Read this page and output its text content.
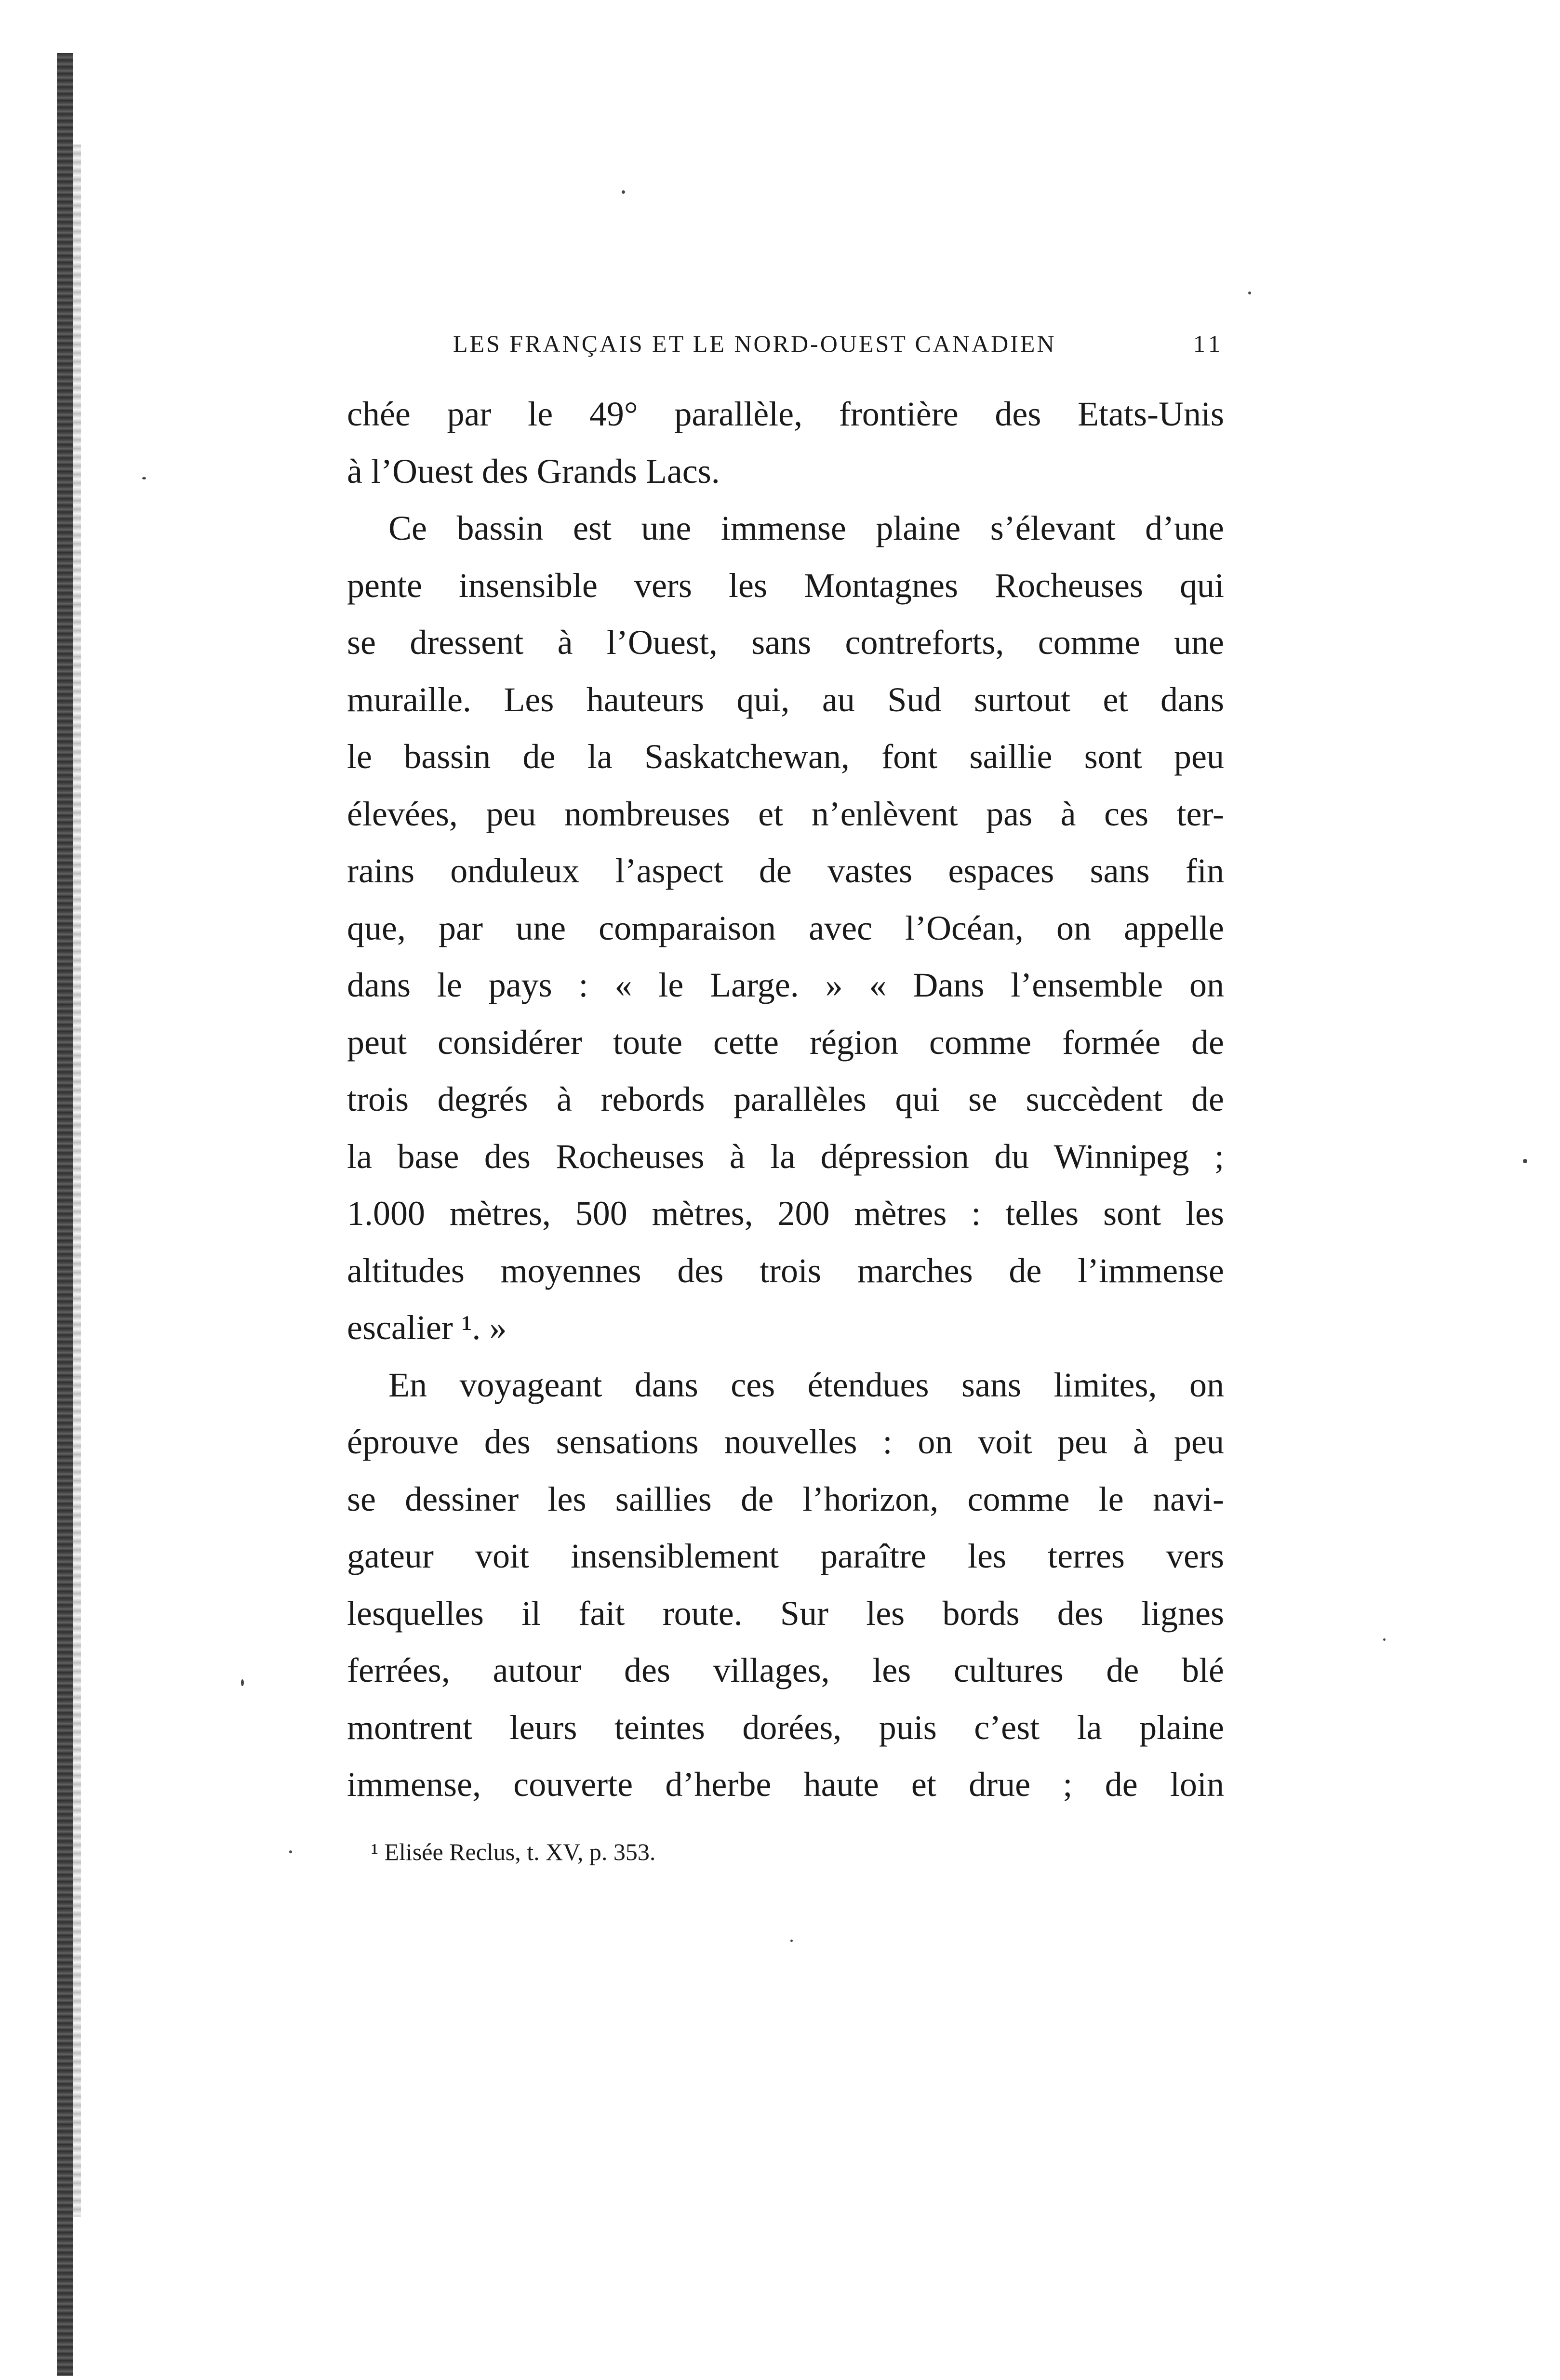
LES FRANÇAIS ET LE NORD-OUEST CANADIEN	11
chée par le 49° parallèle, frontière des Etats-Unis
à l’Ouest des Grands Lacs.
Ce bassin est une immense plaine s’élevant d’une
pente insensible vers les Montagnes Rocheuses qui
se dressent à l’Ouest, sans contreforts, comme une
muraille. Les hauteurs qui, au Sud surtout et dans
le bassin de la Saskatchewan, font saillie sont peu
élevées, peu nombreuses et n’enlèvent pas à ces ter-
rains onduleux l’aspect de vastes espaces sans fin
que, par une comparaison avec l’Océan, on appelle
dans le pays : « le Large. » « Dans l’ensemble on
peut considérer toute cette région comme formée de
trois degrés à rebords parallèles qui se succèdent de
la base des Rocheuses à la dépression du Winnipeg ;
1.000 mètres, 500 mètres, 200 mètres : telles sont les
altitudes moyennes des trois marches de l’immense
escalier ¹. »
En voyageant dans ces étendues sans limites, on
éprouve des sensations nouvelles : on voit peu à peu
se dessiner les saillies de l’horizon, comme le navi-
gateur voit insensiblement paraître les terres vers
lesquelles il fait route. Sur les bords des lignes
ferrées, autour des villages, les cultures de blé
montrent leurs teintes dorées, puis c’est la plaine
immense, couverte d’herbe haute et drue ; de loin
¹ Elisée Reclus, t. XV, p. 353.
